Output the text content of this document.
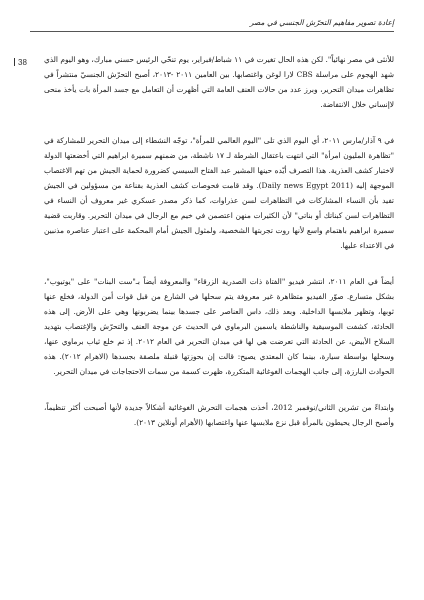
إعادة تصوير مفاهيم التحرّش الجنسي في مصر
38 للأنثى في مصر نهائياً". لكن هذه الحال تغيرت في ١١ شباط/فبراير، يوم تنحّي الرئيس حسني مبارك، وهو اليوم الذي شهد الهجوم على مراسلة CBS لارا لوغن واغتصابها. بين العامين ٢٠١١ -٢٠١٣، أصبح التحرّش الجنسيّ منتشراً في تظاهرات ميدان التحرير، وبرز عدد من حالات العنف العامة التي أظهرت أن التعامل مع جسد المرأة بات يأخذ منحى لاإنساني خلال الانتفاضة.

في ٩ آذار/مارس ٢٠١١، أي اليوم الذي تلى "اليوم العالمي للمرأة"، توجّه النشطاء إلى ميدان التحرير للمشاركة في "تظاهرة المليون امرأة" التي انتهت باعتقال الشرطة لـ ١٧ ناشطة، من ضمنهم سميرة ابراهيم التي أخضعتها الدولة لاختبار كشف العذرية. هذا التصرف أيّده حينها المشير عبد الفتاح السيسي كضرورة لحماية الجيش من تهم الاغتصاب الموجهة إليه (Daily news Egypt 2011). وقد قامت فحوصات كشف العذرية بقناعة من مسؤولين في الجيش تفيد بأن النساء المشاركات في التظاهرات لسن عذراوات، كما ذكر مصدر عسكري غير معروف أن النساء في التظاهرات لسن كبناتك أو بناتي" لأن الكثيرات منهن اعتصمن في خيم مع الرجال في ميدان التحرير. وقاربت قضية سميرة ابراهيم باهتمام واسع لأنها روت تجربتها الشخصية، ولمثول الجيش أمام المحكمة على اعتبار عناصره مذنبين في الاعتداء عليها.

أيضاً في العام ٢٠١١، انتشر فيديو "الفتاة ذات الصدرية الزرقاء" والمعروفة أيضاً بـ"ست البنات" على "يوتيوب"، بشكل متسارع. صوّر الفيديو متظاهرة غير معروفة يتم سحلها في الشارع من قبل قوات أمن الدولة، فخلع عنها ثوبها، وتظهر ملابسها الداخلية. وبعد ذلك، داس العناصر على جسدها بينما يضربونها وهي على الأرض. إلى هذه الحادثة، كشفت الموسيقية والناشطة ياسمين البرماوي في الحديث عن موجة العنف والتحرّش والإغتصاب بتهديد السلاح الأبيض، عن الحادثة التي تعرضت هي لها في ميدان التحرير في العام ٢٠١٢. إذ تم خلع ثياب برماوي عنها، وسحلها بواسطة سيارة، بينما كان المعتدي يصيح: قالت إن بحوزتها قنبلة ملصقة بجسدها (الاهرام ٢٠١٢). هذه الحوادث البارزة، إلى جانب الهجمات الغوغائية المتكررة، ظهرت كسمة من سمات الاحتجاجات في ميدان التحرير.

وابتداءً من تشرين الثاني/نوفمبر 2012، أخذت هجمات التحرش الغوغائية أشكالاً جديدة لأنها أصبحت أكثر تنظيماً، وأصبح الرجال يحيطون بالمرأة قبل نزع ملابسها عنها واغتصابها (الأهرام أونلاين ٢٠١٣).
